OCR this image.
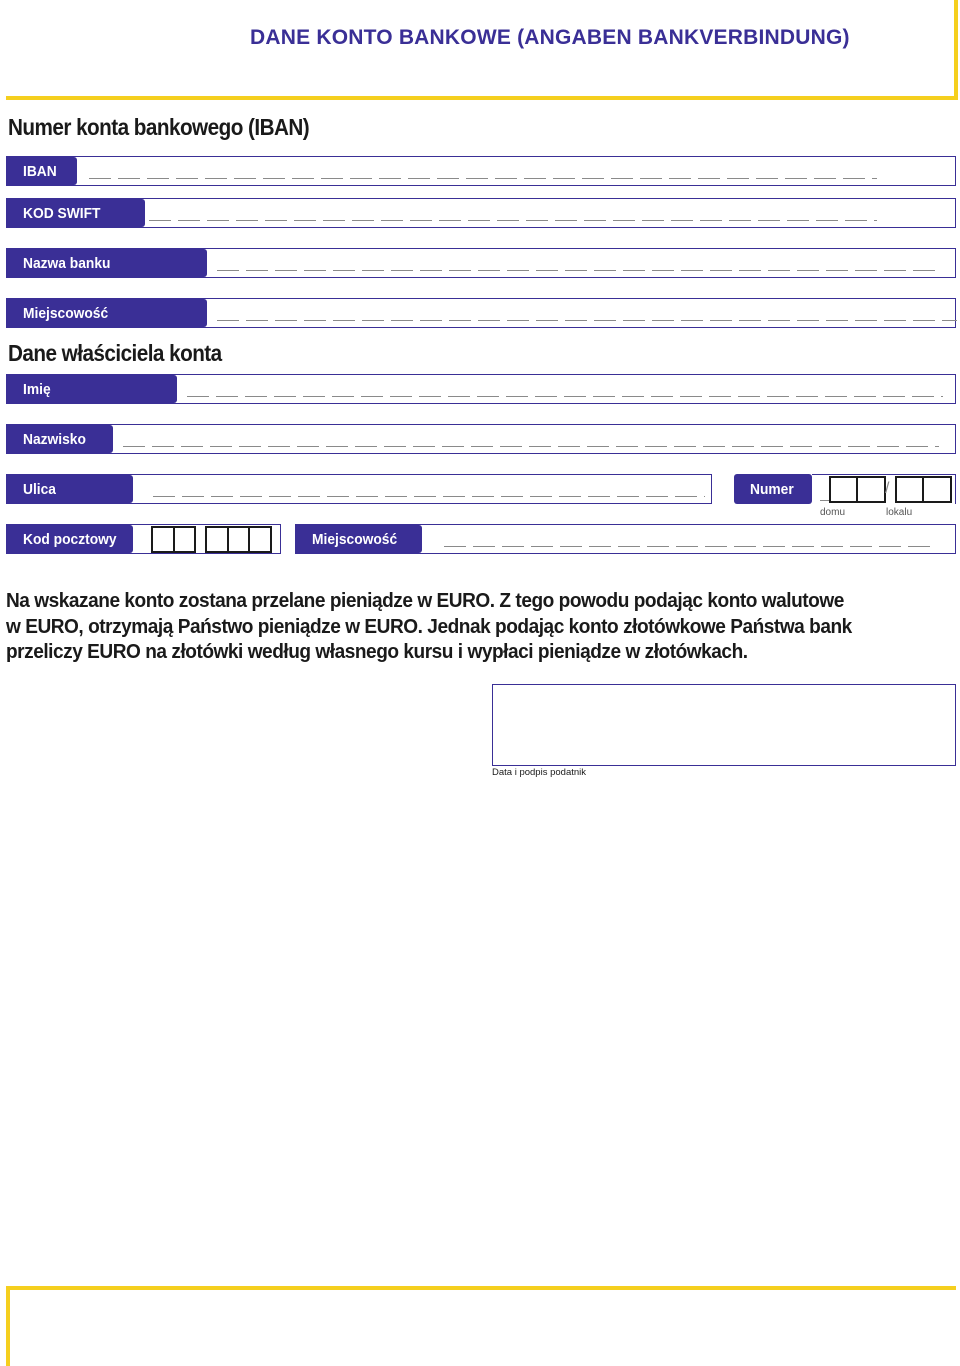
DANE KONTO BANKOWE (ANGABEN BANKVERBINDUNG)
Numer konta bankowego (IBAN)
IBAN
KOD SWIFT
Nazwa banku
Miejscowość
Dane właściciela konta
Imię
Nazwisko
Ulica	Numer	/
domu	lokalu
Kod pocztowy	Miejscowość
Na wskazane konto zostana przelane pieniądze w EURO. Z tego powodu podając konto walutowe
w EURO, otrzymają Państwo pieniądze w EURO. Jednak podając konto złotówkowe Państwa bank
przeliczy EURO na złotówki według własnego kursu i wypłaci pieniądze w złotówkach.
Data i podpis podatnik
